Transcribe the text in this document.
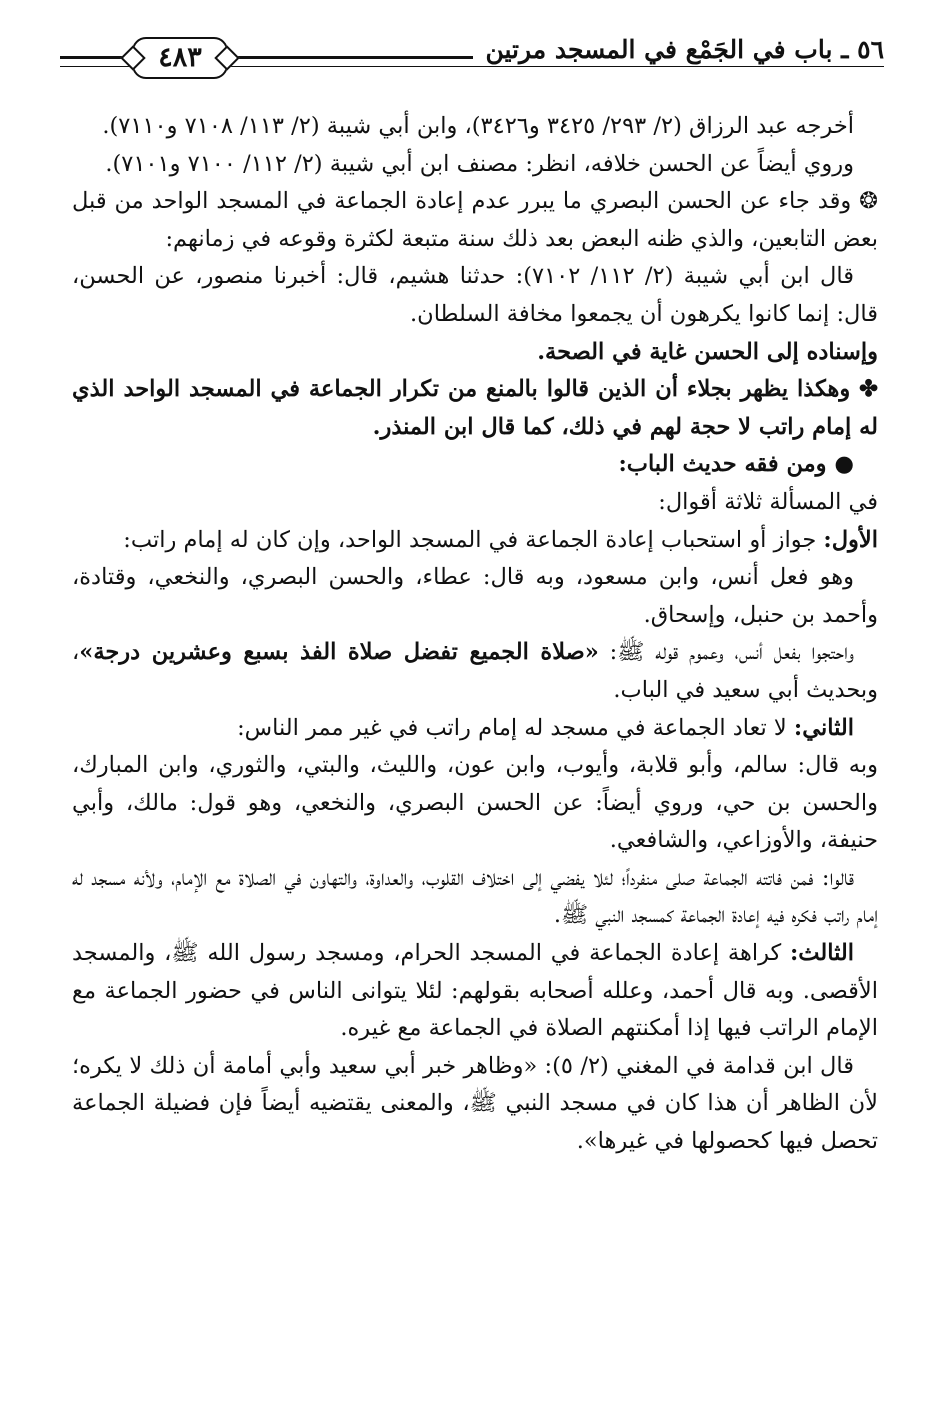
٥٦ ـ باب في الجَمْع في المسجد مرتين
٤٨٣

أخرجه عبد الرزاق (٢/ ٢٩٣/ ٣٤٢٥ و٣٤٢٦)، وابن أبي شيبة (٢/ ١١٣/ ٧١٠٨ و٧١١٠).

وروي أيضاً عن الحسن خلافه، انظر: مصنف ابن أبي شيبة (٢/ ١١٢/ ٧١٠٠ و٧١٠١).

❂ وقد جاء عن الحسن البصري ما يبرر عدم إعادة الجماعة في المسجد الواحد من قبل بعض التابعين، والذي ظنه البعض بعد ذلك سنة متبعة لكثرة وقوعه في زمانهم:

قال ابن أبي شيبة (٢/ ١١٢/ ٧١٠٢): حدثنا هشيم، قال: أخبرنا منصور، عن الحسن، قال: إنما كانوا يكرهون أن يجمعوا مخافة السلطان.

وإسناده إلى الحسن غاية في الصحة.

✤ وهكذا يظهر بجلاء أن الذين قالوا بالمنع من تكرار الجماعة في المسجد الواحد الذي له إمام راتب لا حجة لهم في ذلك، كما قال ابن المنذر.

● ومن فقه حديث الباب:

في المسألة ثلاثة أقوال:

الأول: جواز أو استحباب إعادة الجماعة في المسجد الواحد، وإن كان له إمام راتب:

وهو فعل أنس، وابن مسعود، وبه قال: عطاء، والحسن البصري، والنخعي، وقتادة، وأحمد بن حنبل، وإسحاق.

واحتجوا بفعل أنس، وعموم قوله ﷺ: «صلاة الجميع تفضل صلاة الفذ بسبع وعشرين درجة»، وبحديث أبي سعيد في الباب.

الثاني: لا تعاد الجماعة في مسجد له إمام راتب في غير ممر الناس:

وبه قال: سالم، وأبو قلابة، وأيوب، وابن عون، والليث، والبتي، والثوري، وابن المبارك، والحسن بن حي، وروي أيضاً: عن الحسن البصري، والنخعي، وهو قول: مالك، وأبي حنيفة، والأوزاعي، والشافعي.

قالوا: فمن فاتته الجماعة صلى منفرداً؛ لئلا يفضي إلى اختلاف القلوب، والعداوة، والتهاون في الصلاة مع الإمام، ولأنه مسجد له إمام راتب فكره فيه إعادة الجماعة كمسجد النبي ﷺ.

الثالث: كراهة إعادة الجماعة في المسجد الحرام، ومسجد رسول الله ﷺ، والمسجد الأقصى. وبه قال أحمد، وعلله أصحابه بقولهم: لئلا يتوانى الناس في حضور الجماعة مع الإمام الراتب فيها إذا أمكنتهم الصلاة في الجماعة مع غيره.

قال ابن قدامة في المغني (٢/ ٥): «وظاهر خبر أبي سعيد وأبي أمامة أن ذلك لا يكره؛ لأن الظاهر أن هذا كان في مسجد النبي ﷺ، والمعنى يقتضيه أيضاً فإن فضيلة الجماعة تحصل فيها كحصولها في غيرها».
